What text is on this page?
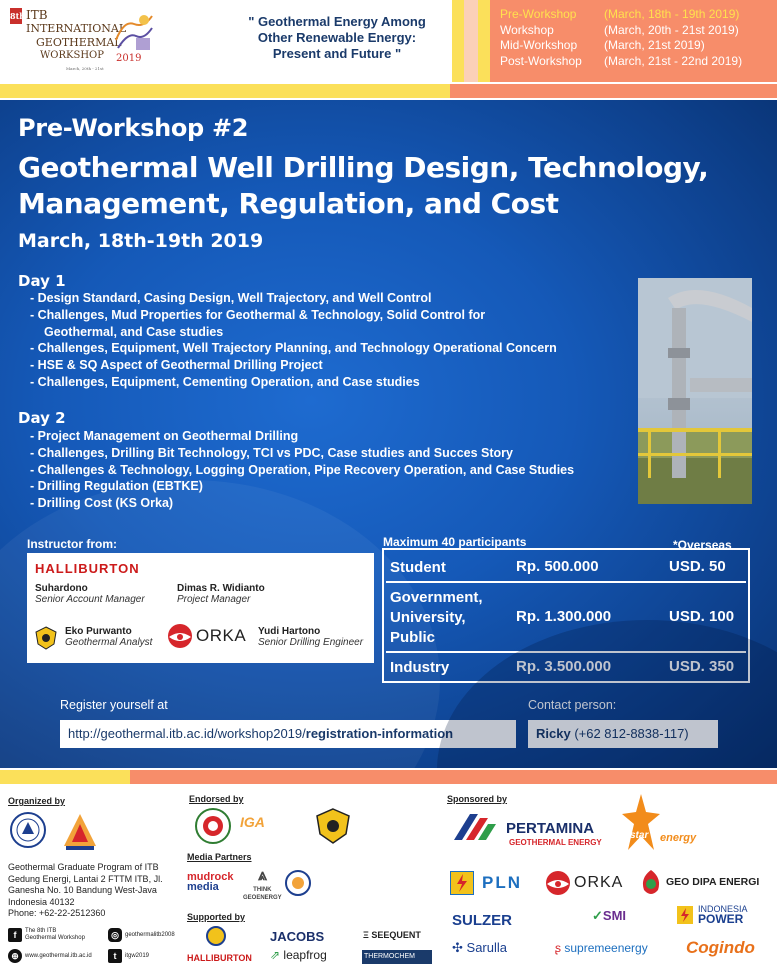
8th ITB
INTERNATIONAL
GEOTHERMAL
WORKSHOP 2019
March, 20th - 21st
" Geothermal Energy Among
Other Renewable Energy:
Present and Future "
Pre-Workshop	(March, 18th - 19th 2019)
Workshop	(March, 20th - 21st 2019)
Mid-Workshop	(March, 21st 2019)
Post-Workshop	(March, 21st - 22nd 2019)
Pre-Workshop #2
Geothermal Well Drilling Design, Technology,
Management, Regulation, and Cost
March, 18th-19th 2019
Day 1
- Design Standard, Casing Design, Well Trajectory, and Well Control
- Challenges, Mud Properties for Geothermal & Technology, Solid Control for
Geothermal, and Case studies
- Challenges, Equipment, Well Trajectory Planning, and Technology Operational Concern
- HSE & SQ Aspect of Geothermal Drilling Project
- Challenges, Equipment, Cementing Operation, and Case studies
Day 2
- Project Management on Geothermal Drilling
- Challenges, Drilling Bit Technology, TCI vs PDC, Case studies and Succes Story
- Challenges & Technology, Logging Operation, Pipe Recovery Operation, and Case Studies
- Drilling Regulation (EBTKE)
- Drilling Cost (KS Orka)
Instructor from:
HALLIBURTON
Suhardono
Senior Account Manager
Dimas R. Widianto
Project Manager
Eko Purwanto
Geothermal Analyst	ORKA Yudi Hartono
Senior Drilling Engineer
Maximum 40 participants	*Overseas
Student	Rp. 500.000	USD. 50
Government,
University,
Public
Rp. 1.300.000	USD. 100
Industry	Rp. 3.500.000	USD. 350
Register yourself at
http://geothermal.itb.ac.id/workshop2019/registration-information
Contact person:
Ricky (+62 812-8838-117)
Organized by
Geothermal Graduate Program of ITB
Gedung Energi, Lantai 2 FTTM ITB, Jl.
Ganesha No. 10 Bandung West-Java
Indonesia 40132
Phone: +62-22-2512360
f	The 8th ITB
Geothermal Workshop	◎	geothermalitb2008
⊕	www.geothermal.itb.ac.id	t	itgw2019
Endorsed by
IGA
Media Partners
mudrock
media
⩓
THINK
GEOENERGY
Supported by
HALLIBURTON
JACOBS
⇗ leapfrog
Ξ SEEQUENT
THERMOCHEM
Sponsored by
PERTAMINA
GEOTHERMAL ENERGY
star energy
PLN	ORKA	GEO DIPA ENERGI
SULZER	✓SMI	INDONESIA
POWER
✣ Sarulla	ʂ supremeenergy Cogindo
